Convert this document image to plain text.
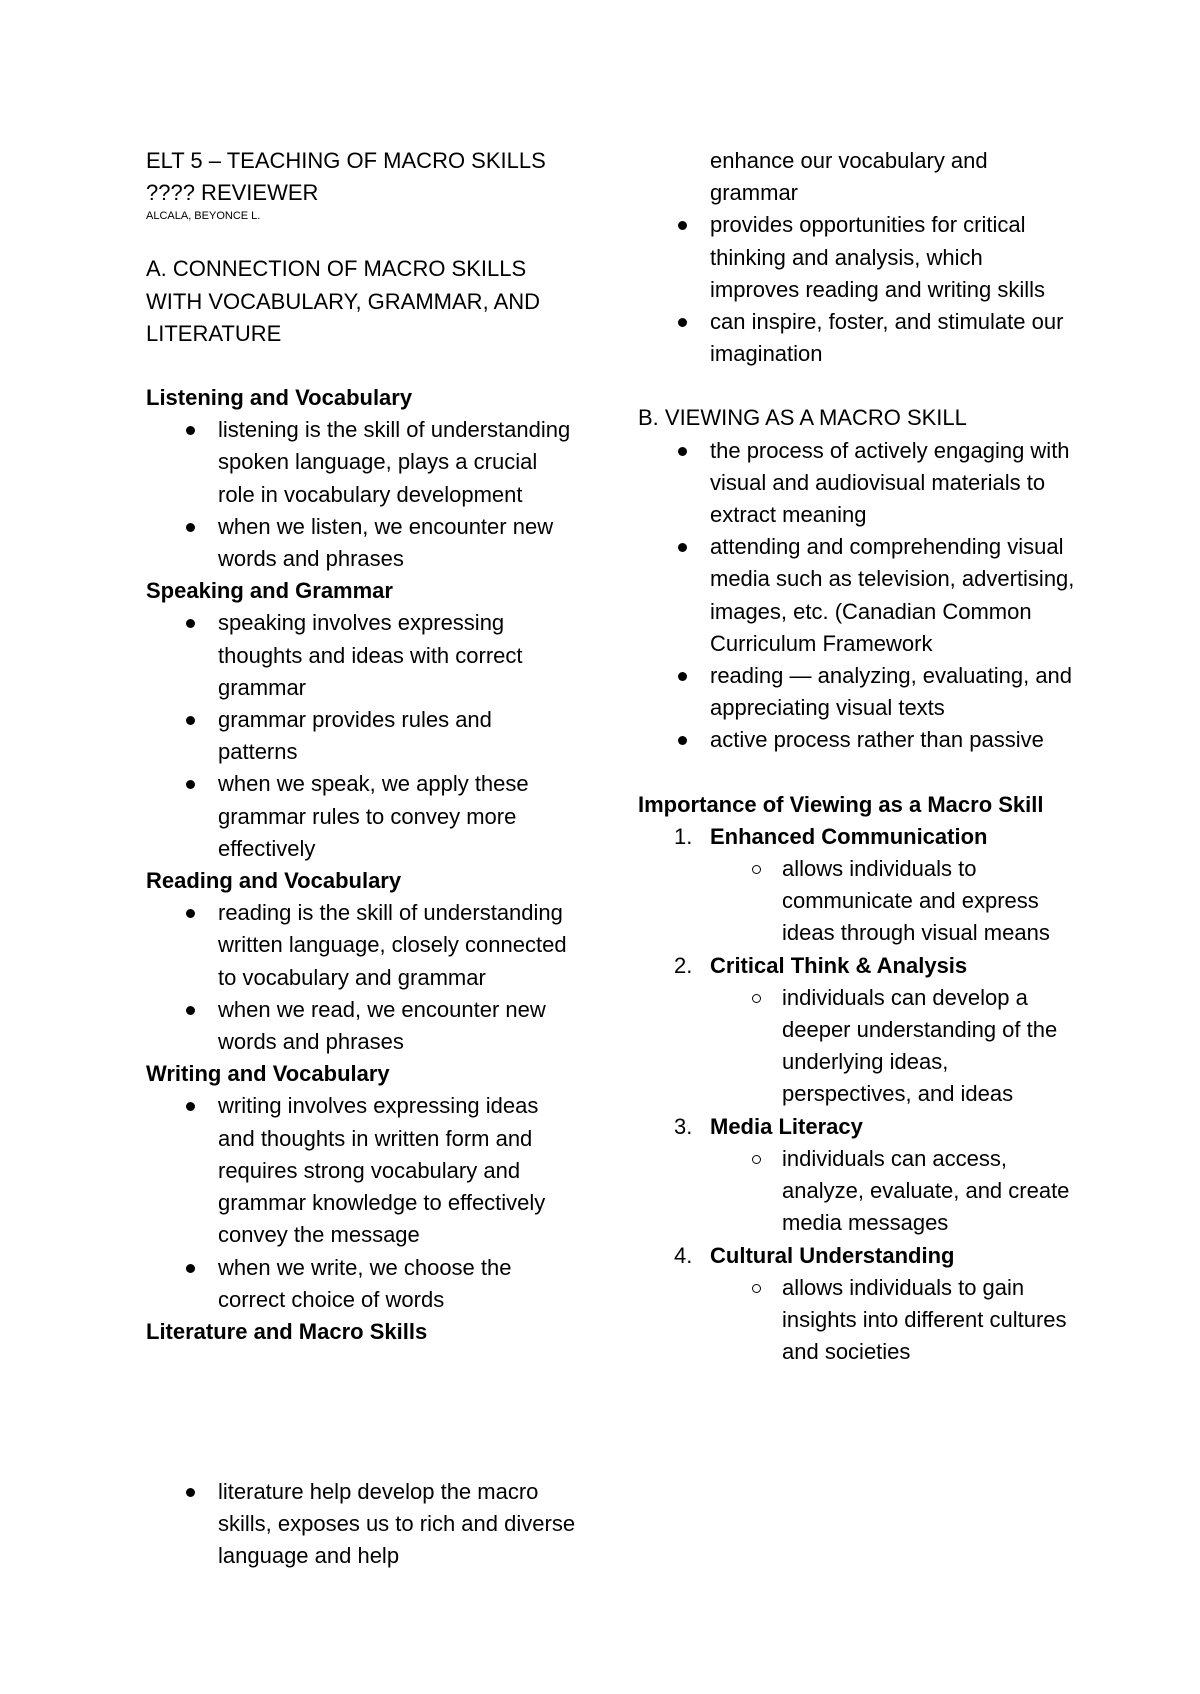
ELT 5 – TEACHING OF MACRO SKILLS ???? REVIEWER
ALCALA, BEYONCE L.
A. CONNECTION OF MACRO SKILLS WITH VOCABULARY, GRAMMAR, AND LITERATURE
Listening and Vocabulary
listening is the skill of understanding spoken language, plays a crucial role in vocabulary development
when we listen, we encounter new words and phrases
Speaking and Grammar
speaking involves expressing thoughts and ideas with correct grammar
grammar provides rules and patterns
when we speak, we apply these grammar rules to convey more effectively
Reading and Vocabulary
reading is the skill of understanding written language, closely connected to vocabulary and grammar
when we read, we encounter new words and phrases
Writing and Vocabulary
writing involves expressing ideas and thoughts in written form and requires strong vocabulary and grammar knowledge to effectively convey the message
when we write, we choose the correct choice of words
Literature and Macro Skills
literature help develop the macro skills, exposes us to rich and diverse language and help
enhance our vocabulary and grammar
provides opportunities for critical thinking and analysis, which improves reading and writing skills
can inspire, foster, and stimulate our imagination
B. VIEWING AS A MACRO SKILL
the process of actively engaging with visual and audiovisual materials to extract meaning
attending and comprehending visual media such as television, advertising, images, etc. (Canadian Common Curriculum Framework
reading — analyzing, evaluating, and appreciating visual texts
active process rather than passive
Importance of Viewing as a Macro Skill
1. Enhanced Communication
allows individuals to communicate and express ideas through visual means
2. Critical Think & Analysis
individuals can develop a deeper understanding of the underlying ideas, perspectives, and ideas
3. Media Literacy
individuals can access, analyze, evaluate, and create media messages
4. Cultural Understanding
allows individuals to gain insights into different cultures and societies
